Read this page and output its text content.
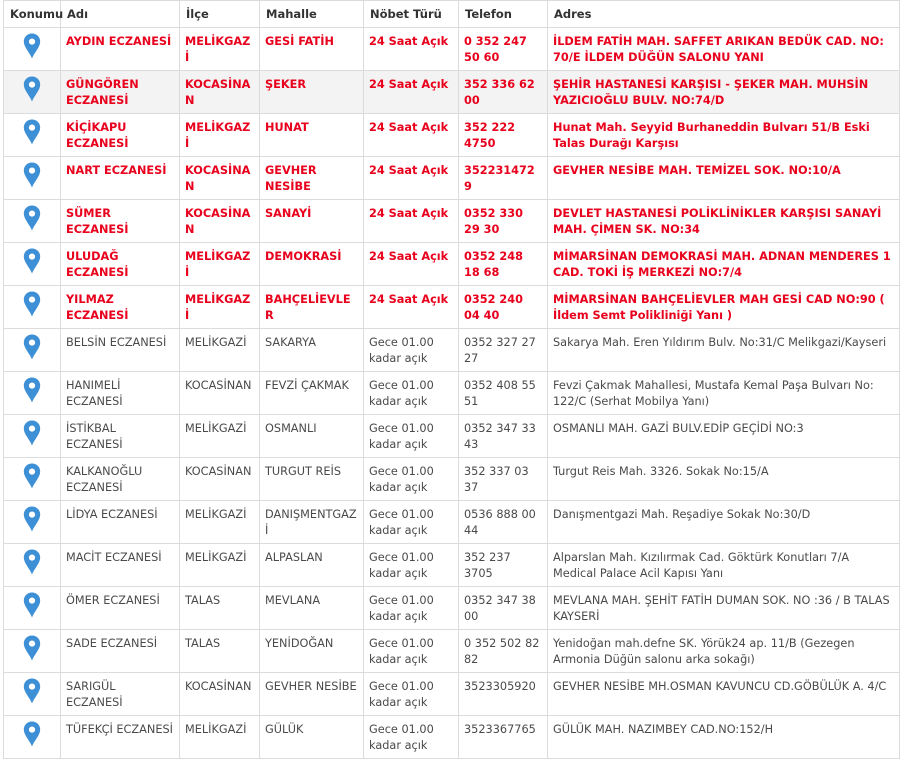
Konumu	Adı	İlçe	Mahalle	Nöbet Türü	Telefon	Adres
	AYDIN ECZANESİ	MELİKGAZİ	GESİ FATİH	24 Saat Açık	0 352 247 50 60	İLDEM FATİH MAH. SAFFET ARIKAN BEDÜK CAD. NO: 70/E İLDEM DÜĞÜN SALONU YANI
	GÜNGÖREN ECZANESİ	KOCASİNAN	ŞEKER	24 Saat Açık	352 336 62 00	ŞEHİR HASTANESİ KARŞISI - ŞEKER MAH. MUHSİN YAZICIOĞLU BULV. NO:74/D
	KİÇİKAPU ECZANESİ	MELİKGAZİ	HUNAT	24 Saat Açık	352 222 4750	Hunat Mah. Seyyid Burhaneddin Bulvarı 51/B Eski Talas Durağı Karşısı
	NART ECZANESİ	KOCASİNAN	GEVHER NESİBE	24 Saat Açık	3522314729	GEVHER NESİBE MAH. TEMİZEL SOK. NO:10/A
	SÜMER ECZANESİ	KOCASİNAN	SANAYİ	24 Saat Açık	0352 330 29 30	DEVLET HASTANESİ POLİKLİNİKLER KARŞISI SANAYİ MAH. ÇİMEN SK. NO:34
	ULUDAĞ ECZANESİ	MELİKGAZİ	DEMOKRASİ	24 Saat Açık	0352 248 18 68	MİMARSİNAN DEMOKRASİ MAH. ADNAN MENDERES 1 CAD. TOKİ İŞ MERKEZİ NO:7/4
	YILMAZ ECZANESİ	MELİKGAZİ	BAHÇELİEVLER	24 Saat Açık	0352 240 04 40	MİMARSİNAN BAHÇELİEVLER MAH GESİ CAD NO:90 ( İldem Semt Polikliniği Yanı )
	BELSİN ECZANESİ	MELİKGAZİ	SAKARYA	Gece 01.00 kadar açık	0352 327 27 27	Sakarya Mah. Eren Yıldırım Bulv. No:31/C Melikgazi/Kayseri
	HANIMELİ ECZANESİ	KOCASİNAN	FEVZİ ÇAKMAK	Gece 01.00 kadar açık	0352 408 55 51	Fevzi Çakmak Mahallesi, Mustafa Kemal Paşa Bulvarı No: 122/C (Serhat Mobilya Yanı)
	İSTİKBAL ECZANESİ	MELİKGAZİ	OSMANLI	Gece 01.00 kadar açık	0352 347 33 43	OSMANLI MAH. GAZİ BULV.EDİP GEÇİDİ NO:3
	KALKANOĞLU ECZANESİ	KOCASİNAN	TURGUT REİS	Gece 01.00 kadar açık	352 337 03 37	Turgut Reis Mah. 3326. Sokak No:15/A
	LİDYA ECZANESİ	MELİKGAZİ	DANIŞMENTGAZİ	Gece 01.00 kadar açık	0536 888 00 44	Danışmentgazi Mah. Reşadiye Sokak No:30/D
	MACİT ECZANESİ	MELİKGAZİ	ALPASLAN	Gece 01.00 kadar açık	352 237 3705	Alparslan Mah. Kızılırmak Cad. Göktürk Konutları 7/A Medical Palace Acil Kapısı Yanı
	ÖMER ECZANESİ	TALAS	MEVLANA	Gece 01.00 kadar açık	0352 347 38 00	MEVLANA MAH. ŞEHİT FATİH DUMAN SOK. NO :36 / B TALAS KAYSERİ
	SADE ECZANESİ	TALAS	YENİDOĞAN	Gece 01.00 kadar açık	0 352 502 82 82	Yenidoğan mah.defne SK. Yörük24 ap. 11/B (Gezegen Armonia Düğün salonu arka sokağı)
	SARIGÜL ECZANESİ	KOCASİNAN	GEVHER NESİBE	Gece 01.00 kadar açık	3523305920	GEVHER NESİBE MH.OSMAN KAVUNCU CD.GÖBÜLÜK A. 4/C
	TÜFEKÇİ ECZANESİ	MELİKGAZİ	GÜLÜK	Gece 01.00 kadar açık	3523367765	GÜLÜK MAH. NAZIMBEY CAD.NO:152/H
